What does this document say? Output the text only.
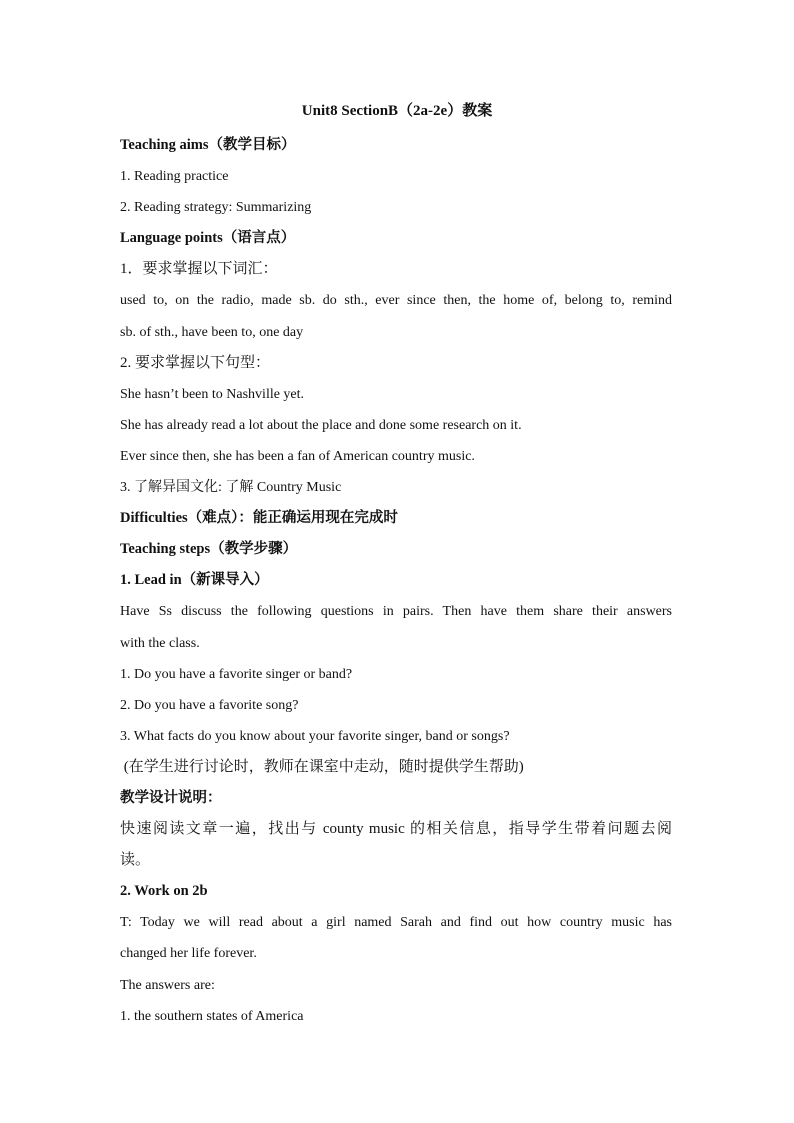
Unit8 SectionB（2a-2e）教案
Teaching aims（教学目标）
1. Reading practice
2. Reading strategy: Summarizing
Language points（语言点）
1．要求掌握以下词汇：
used to, on the radio, made sb. do sth., ever since then, the home of, belong to, remind
sb. of sth., have been to, one day
2. 要求掌握以下句型：
She hasn’t been to Nashville yet.
She has already read a lot about the place and done some research on it.
Ever since then, she has been a fan of American country music.
3. 了解异国文化: 了解 Country Music
Difficulties（难点）：能正确运用现在完成时
Teaching steps（教学步骤）
1. Lead in（新课导入）
Have Ss discuss the following questions in pairs. Then have them share their answers
with the class.
1. Do you have a favorite singer or band?
2. Do you have a favorite song?
3. What facts do you know about your favorite singer, band or songs?
(在学生进行讨论时，教师在课室中走动，随时提供学生帮助)
教学设计说明：
快速阅读文章一遍，找出与 county music 的相关信息，指导学生带着问题去阅
读。
2. Work on 2b
T: Today we will read about a girl named Sarah and find out how country music has
changed her life forever.
The answers are:
1. the southern states of America
